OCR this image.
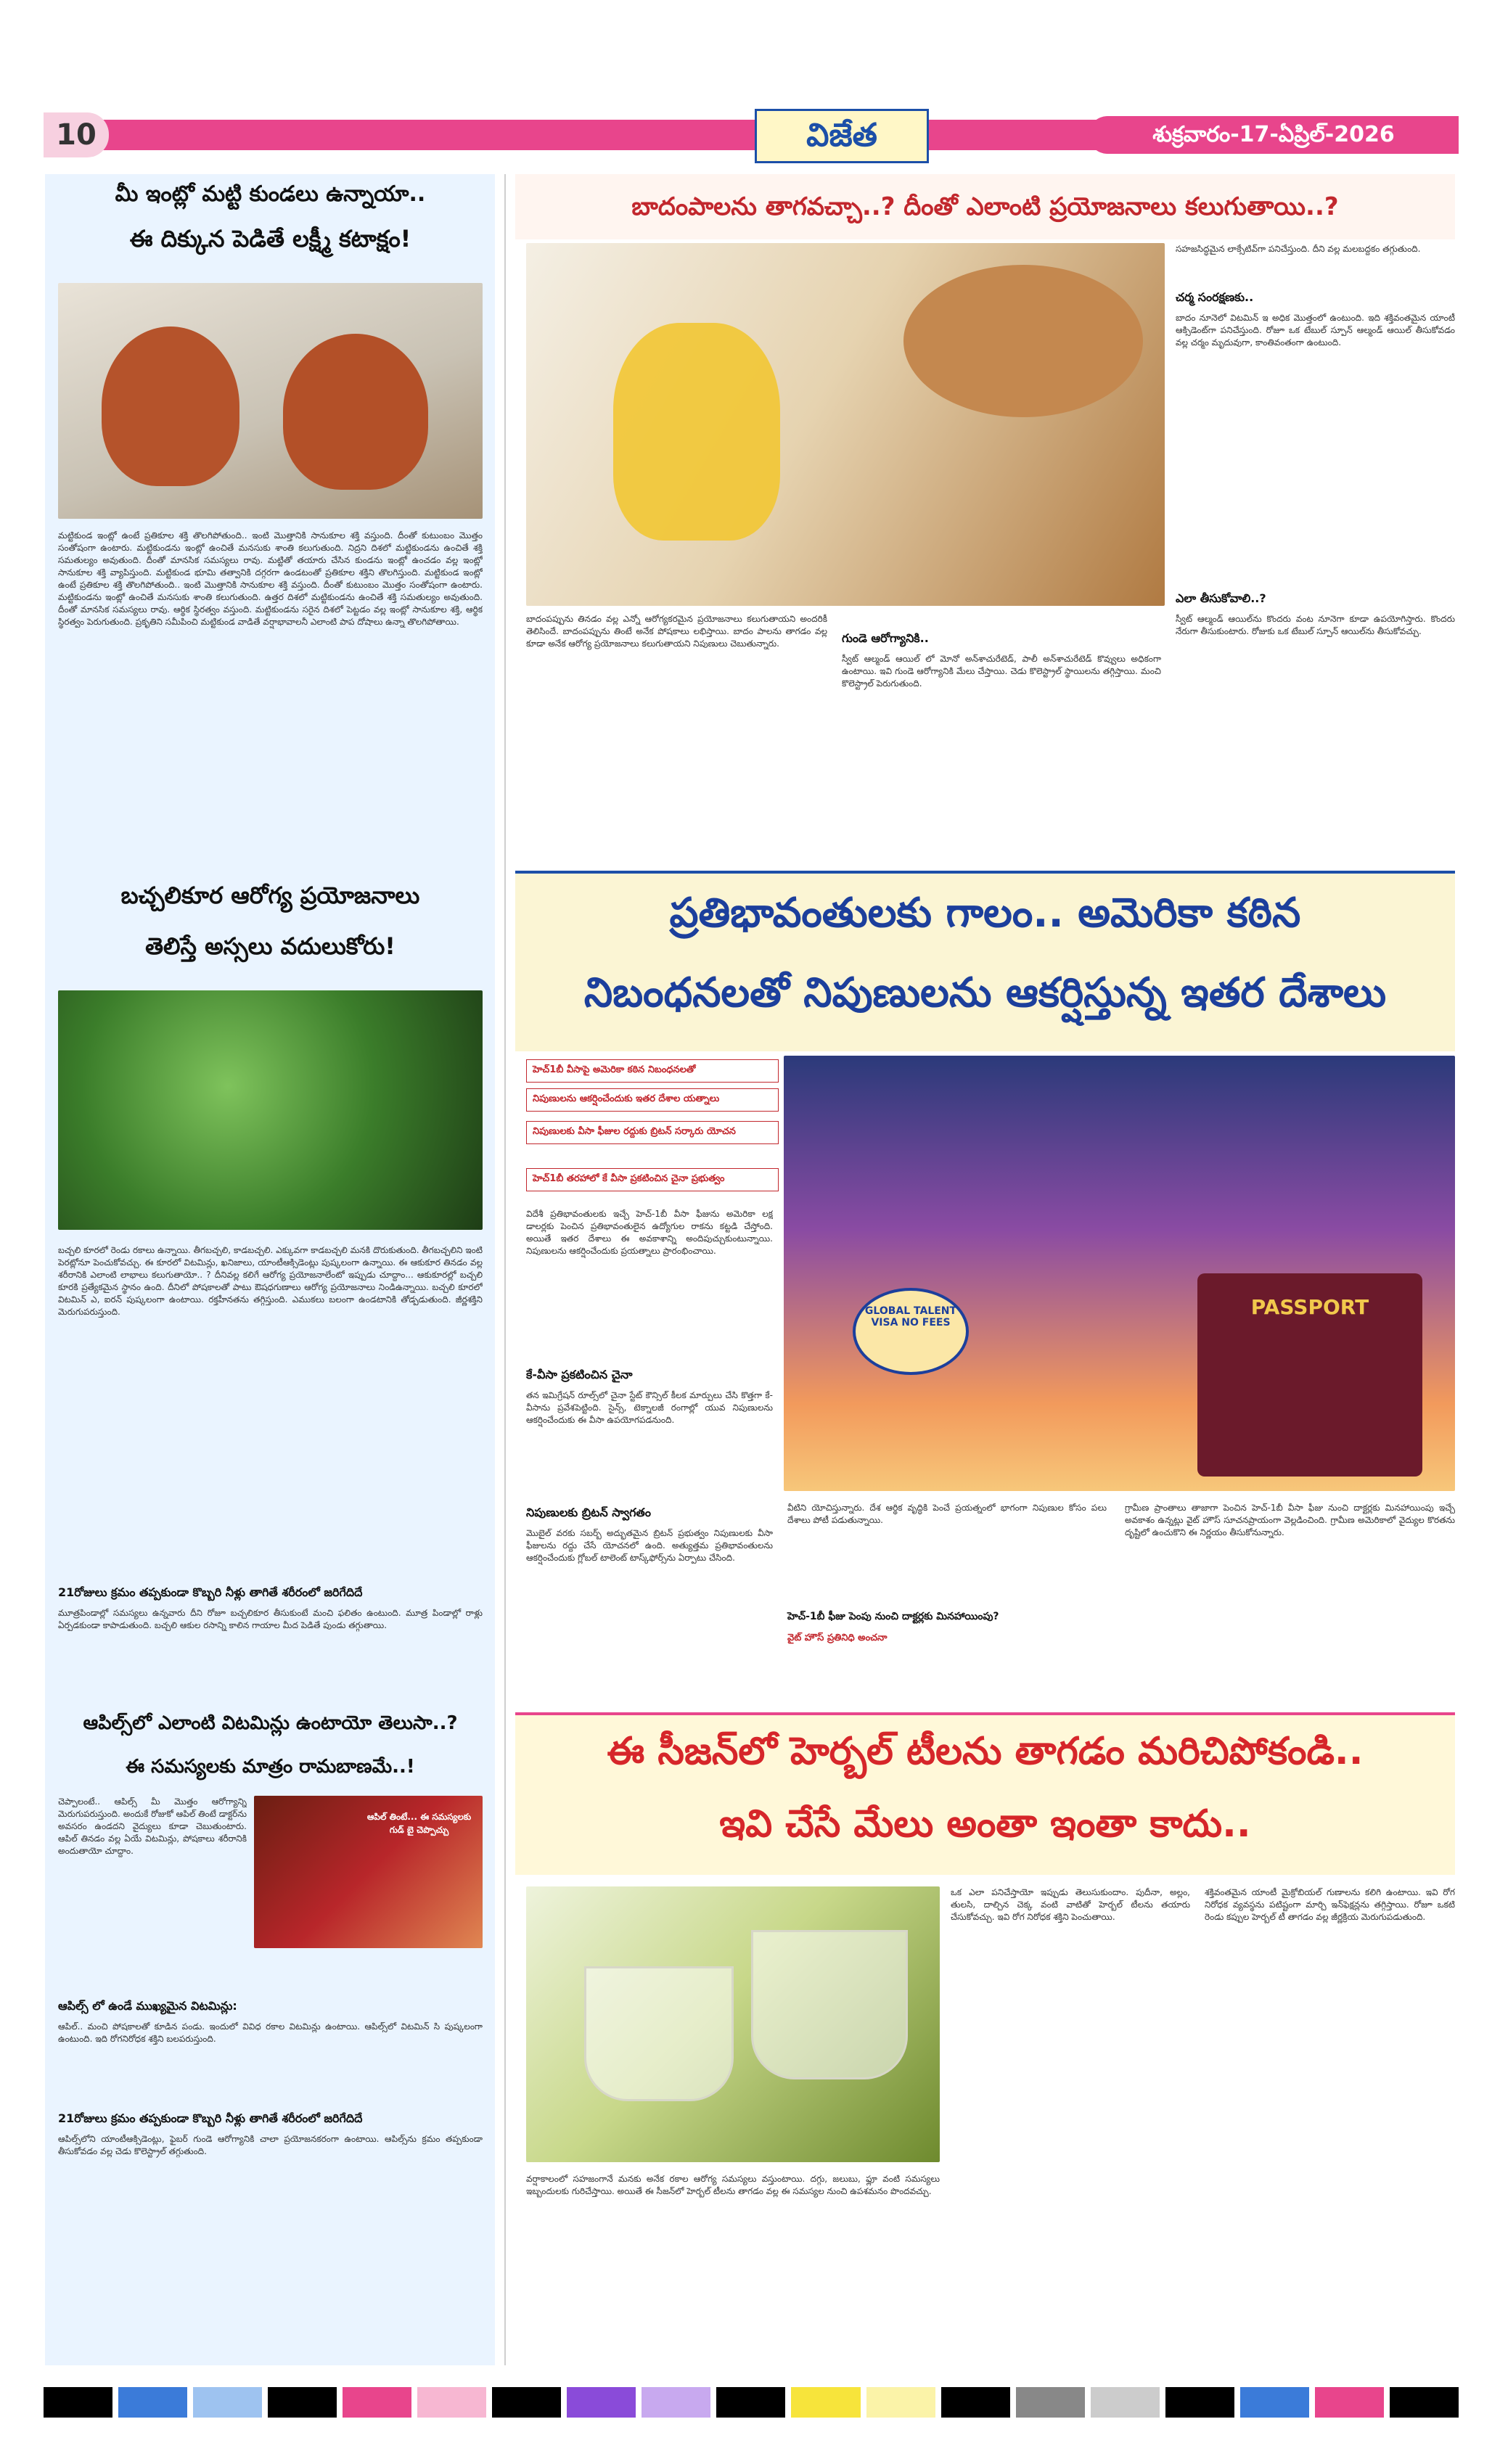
10	విజేత	శుక్రవారం-17-ఏప్రిల్-2026
మీ ఇంట్లో మట్టి కుండలు ఉన్నాయా..
ఈ దిక్కున పెడితే లక్ష్మీ కటాక్షం!
మట్టికుండ ఇంట్లో ఉంటే ప్రతికూల శక్తి తొలగిపోతుంది.. ఇంటి మొత్తానికి సానుకూల శక్తి వస్తుంది. దీంతో కుటుంబం మొత్తం సంతోషంగా ఉంటారు. మట్టికుండను ఇంట్లో ఉంచితే మనసుకు శాంతి కలుగుతుంది. నిద్రని దిశలో మట్టికుండను ఉంచితే శక్తి సమతుల్యం అవుతుంది. దీంతో మానసిక సమస్యలు రావు. మట్టితో తయారు చేసిన కుండను ఇంట్లో ఉంచడం వల్ల ఇంట్లో సానుకూల శక్తి వ్యాపిస్తుంది. మట్టికుండ భూమి తత్వానికి దగ్గరగా ఉండటంతో ప్రతికూల శక్తిని తొలగిస్తుంది. మట్టికుండ ఇంట్లో ఉంటే ప్రతికూల శక్తి తొలగిపోతుంది.. ఇంటి మొత్తానికి సానుకూల శక్తి వస్తుంది. దీంతో కుటుంబం మొత్తం సంతోషంగా ఉంటారు. మట్టికుండను ఇంట్లో ఉంచితే మనసుకు శాంతి కలుగుతుంది. ఉత్తర దిశలో మట్టికుండను ఉంచితే శక్తి సమతుల్యం అవుతుంది. దీంతో మానసిక సమస్యలు రావు. ఆర్థిక స్థిరత్వం వస్తుంది. మట్టికుండను సరైన దిశలో పెట్టడం వల్ల ఇంట్లో సానుకూల శక్తి, ఆర్థిక స్థిరత్వం పెరుగుతుంది. ప్రకృతిని సమీపించి మట్టికుండ వాడితే వర్షాభావాలనీ ఎలాంటి పాప దోషాలు ఉన్నా తొలగిపోతాయి.
బచ్చలికూర ఆరోగ్య ప్రయోజనాలు
తెలిస్తే అస్సలు వదులుకోరు!
బచ్చలి కూరలో రెండు రకాలు ఉన్నాయి. తీగబచ్చలి, కాడబచ్చలి. ఎక్కువగా కాడబచ్చలి మనకి దొరుకుతుంది. తీగబచ్చలిని ఇంటి పెరట్లోనూ పెంచుకోవచ్చు. ఈ కూరలో విటమిన్లు, ఖనిజాలు, యాంటీఆక్సిడెంట్లు పుష్కలంగా ఉన్నాయి. ఈ ఆకుకూర తినడం వల్ల శరీరానికి ఎలాంటి లాభాలు కలుగుతాయో.. ? దీనివల్ల కలిగే ఆరోగ్య ప్రయోజనాలేంటో ఇప్పుడు చూద్దాం... ఆకుకూరల్లో బచ్చలి కూరకి ప్రత్యేకమైన స్థానం ఉంది. దీనిలో పోషకాలతో పాటు ఔషధగుణాలు ఆరోగ్య ప్రయోజనాలు నిండిఉన్నాయి. బచ్చలి కూరలో విటమిన్ ఎ, ఐరన్ పుష్కలంగా ఉంటాయి. రక్తహీనతను తగ్గిస్తుంది. ఎముకలు బలంగా ఉండటానికి తోడ్పడుతుంది. జీర్ణశక్తిని మెరుగుపరుస్తుంది.
21రోజులు క్రమం తప్పకుండా కొబ్బరి నీళ్లు తాగితే శరీరంలో జరిగేదిదే
మూత్రపిండాల్లో సమస్యలు ఉన్నవారు దీని రోజూ బచ్చలికూర తీసుకుంటే మంచి ఫలితం ఉంటుంది. మూత్ర పిండాల్లో రాళ్లు ఏర్పడకుండా కాపాడుతుంది. బచ్చలి ఆకుల రసాన్ని కాలిన గాయాల మీద పెడితే పుండు తగ్గుతాయి.
ఆపిల్స్‌లో ఎలాంటి విటమిన్లు ఉంటాయో తెలుసా..?
ఈ సమస్యలకు మాత్రం రామబాణమే..!
చెప్పాలంటే.. ఆపిల్స్ మీ మొత్తం ఆరోగ్యాన్ని మెరుగుపరుస్తుంది. అందుకే రోజుకో ఆపిల్ తింటే డాక్టర్‌ను అవసరం ఉండదని వైద్యులు కూడా చెబుతుంటారు. ఆపిల్ తినడం వల్ల ఏయే విటమిన్లు, పోషకాలు శరీరానికి అందుతాయో చూద్దాం.
ఆపిల్ తింటే... ఈ సమస్యలకు గుడ్ బై చెప్పొచ్చు
ఆపిల్స్ లో ఉండే ముఖ్యమైన విటమిన్లు:
ఆపిల్.. మంచి పోషకాలతో కూడిన పండు. ఇందులో వివిధ రకాల విటమిన్లు ఉంటాయి. ఆపిల్స్‌లో విటమిన్ సి పుష్కలంగా ఉంటుంది. ఇది రోగనిరోధక శక్తిని బలపరుస్తుంది.
21రోజులు క్రమం తప్పకుండా కొబ్బరి నీళ్లు తాగితే శరీరంలో జరిగేదిదే
ఆపిల్స్‌లోని యాంటీఆక్సిడెంట్లు, ఫైబర్ గుండె ఆరోగ్యానికి చాలా ప్రయోజనకరంగా ఉంటాయి. ఆపిల్స్‌ను క్రమం తప్పకుండా తీసుకోవడం వల్ల చెడు కొలెస్ట్రాల్ తగ్గుతుంది.
బాదంపాలను తాగవచ్చా..? దీంతో ఎలాంటి ప్రయోజనాలు కలుగుతాయి..?
బాదంపప్పును తినడం వల్ల ఎన్నో ఆరోగ్యకరమైన ప్రయోజనాలు కలుగుతాయని అందరికీ తెలిసిందే. బాదంపప్పును తింటే అనేక పోషకాలు లభిస్తాయి. బాదం పాలను తాగడం వల్ల కూడా అనేక ఆరోగ్య ప్రయోజనాలు కలుగుతాయని నిపుణులు చెబుతున్నారు.	గుండె ఆరోగ్యానికి..
స్వీట్ ఆల్మండ్ ఆయిల్ లో మోనో అన్‌శాచురేటెడ్, పాలీ అన్‌శాచురేటెడ్ కొవ్వులు అధికంగా ఉంటాయి. ఇవి గుండె ఆరోగ్యానికి మేలు చేస్తాయి. చెడు కొలెస్ట్రాల్ స్థాయిలను తగ్గిస్తాయి. మంచి కొలెస్ట్రాల్ పెరుగుతుంది.
సహజసిద్ధమైన లాక్సేటివ్‌గా పనిచేస్తుంది. దీని వల్ల మలబద్దకం తగ్గుతుంది.
చర్మ సంరక్షణకు..
బాదం నూనెలో విటమిన్ ఇ అధిక మొత్తంలో ఉంటుంది. ఇది శక్తివంతమైన యాంటీ ఆక్సిడెంట్‌గా పనిచేస్తుంది. రోజూ ఒక టేబుల్ స్పూన్ ఆల్మండ్ ఆయిల్ తీసుకోవడం వల్ల చర్మం మృదువుగా, కాంతివంతంగా ఉంటుంది.
ఎలా తీసుకోవాలి..?
స్వీట్ ఆల్మండ్ ఆయిల్‌ను కొందరు వంట నూనెగా కూడా ఉపయోగిస్తారు. కొందరు నేరుగా తీసుకుంటారు. రోజుకు ఒక టేబుల్ స్పూన్ ఆయిల్‌ను తీసుకోవచ్చు.
ప్రతిభావంతులకు గాలం.. అమెరికా కఠిన
నిబంధనలతో నిపుణులను ఆకర్షిస్తున్న ఇతర దేశాలు
హెచ్1బీ వీసాపై అమెరికా కఠిన నిబంధనలతో
నిపుణులను ఆకర్షించేందుకు ఇతర దేశాల యత్నాలు
నిపుణులకు వీసా ఫీజుల రద్దుకు బ్రిటన్ సర్కారు యోచన
హెచ్1బీ తరహాలో కే వీసా ప్రకటించిన చైనా ప్రభుత్వం
GLOBAL TALENT VISA NO FEES
PASSPORT
విదేశీ ప్రతిభావంతులకు ఇచ్చే హెచ్-1బీ వీసా ఫీజును అమెరికా లక్ష డాలర్లకు పెంచిన ప్రతిభావంతులైన ఉద్యోగుల రాకను కట్టడి చేస్తోంది. అయితే ఇతర దేశాలు ఈ అవకాశాన్ని అందిపుచ్చుకుంటున్నాయి. నిపుణులను ఆకర్షించేందుకు ప్రయత్నాలు ప్రారంభించాయి.
కే-వీసా ప్రకటించిన చైనా
తన ఇమిగ్రేషన్ రూల్స్‌లో చైనా స్టేట్ కౌన్సిల్ కీలక మార్పులు చేసి కొత్తగా కే-వీసాను ప్రవేశపెట్టింది. సైన్స్, టెక్నాలజీ రంగాల్లో యువ నిపుణులను ఆకర్షించేందుకు ఈ వీసా ఉపయోగపడనుంది.
నిపుణులకు బ్రిటన్ స్వాగతం
మొబైల్ వరకు సబర్బ్ అద్భుతమైన బ్రిటన్ ప్రభుత్వం నిపుణులకు వీసా ఫీజులను రద్దు చేసే యోచనలో ఉంది. అత్యుత్తమ ప్రతిభావంతులను ఆకర్షించేందుకు గ్లోబల్ టాలెంట్ టాస్క్‌ఫోర్స్‌ను ఏర్పాటు చేసింది.
హెచ్-1బీ ఫీజు పెంపు నుంచి దాక్టర్లకు మినహాయింపు?
వైట్ హౌస్ ప్రతినిధి అంచనా
వీటిని యోచిస్తున్నారు. దేశ ఆర్థిక వృద్ధికి పెంచే ప్రయత్నంలో భాగంగా నిపుణుల కోసం పలు దేశాలు పోటీ పడుతున్నాయి.
గ్రామీణ ప్రాంతాలు తాజాగా పెంచిన హెచ్-1బీ వీసా ఫీజు నుంచి దాక్టర్లకు మినహాయింపు ఇచ్చే అవకాశం ఉన్నట్లు వైట్ హౌస్ సూచనప్రాయంగా వెల్లడించింది. గ్రామీణ అమెరికాలో వైద్యుల కొరతను దృష్టిలో ఉంచుకొని ఈ నిర్ణయం తీసుకోనున్నారు.
ఈ సీజన్‌లో హెర్బల్ టీలను తాగడం మరిచిపోకండి..
ఇవి చేసే మేలు అంతా ఇంతా కాదు..
వర్షాకాలంలో సహజంగానే మనకు అనేక రకాల ఆరోగ్య సమస్యలు వస్తుంటాయి. దగ్గు, జలుబు, ఫ్లూ వంటి సమస్యలు ఇబ్బందులకు గురిచేస్తాయి. అయితే ఈ సీజన్‌లో హెర్బల్ టీలను తాగడం వల్ల ఈ సమస్యల నుంచి ఉపశమనం పొందవచ్చు.
ఒక ఎలా పనిచేస్తాయో ఇప్పుడు తెలుసుకుందాం. పుదీనా, అల్లం, తులసి, దాల్చిన చెక్క వంటి వాటితో హెర్బల్ టీలను తయారు చేసుకోవచ్చు. ఇవి రోగ నిరోధక శక్తిని పెంచుతాయి.
శక్తివంతమైన యాంటీ మైక్రోబియల్ గుణాలను కలిగి ఉంటాయి. ఇవి రోగ నిరోధక వ్యవస్థను పటిష్టంగా మార్చి ఇన్‌ఫెక్షన్లను తగ్గిస్తాయి. రోజూ ఒకటి రెండు కప్పుల హెర్బల్ టీ తాగడం వల్ల జీర్ణక్రియ మెరుగుపడుతుంది.
